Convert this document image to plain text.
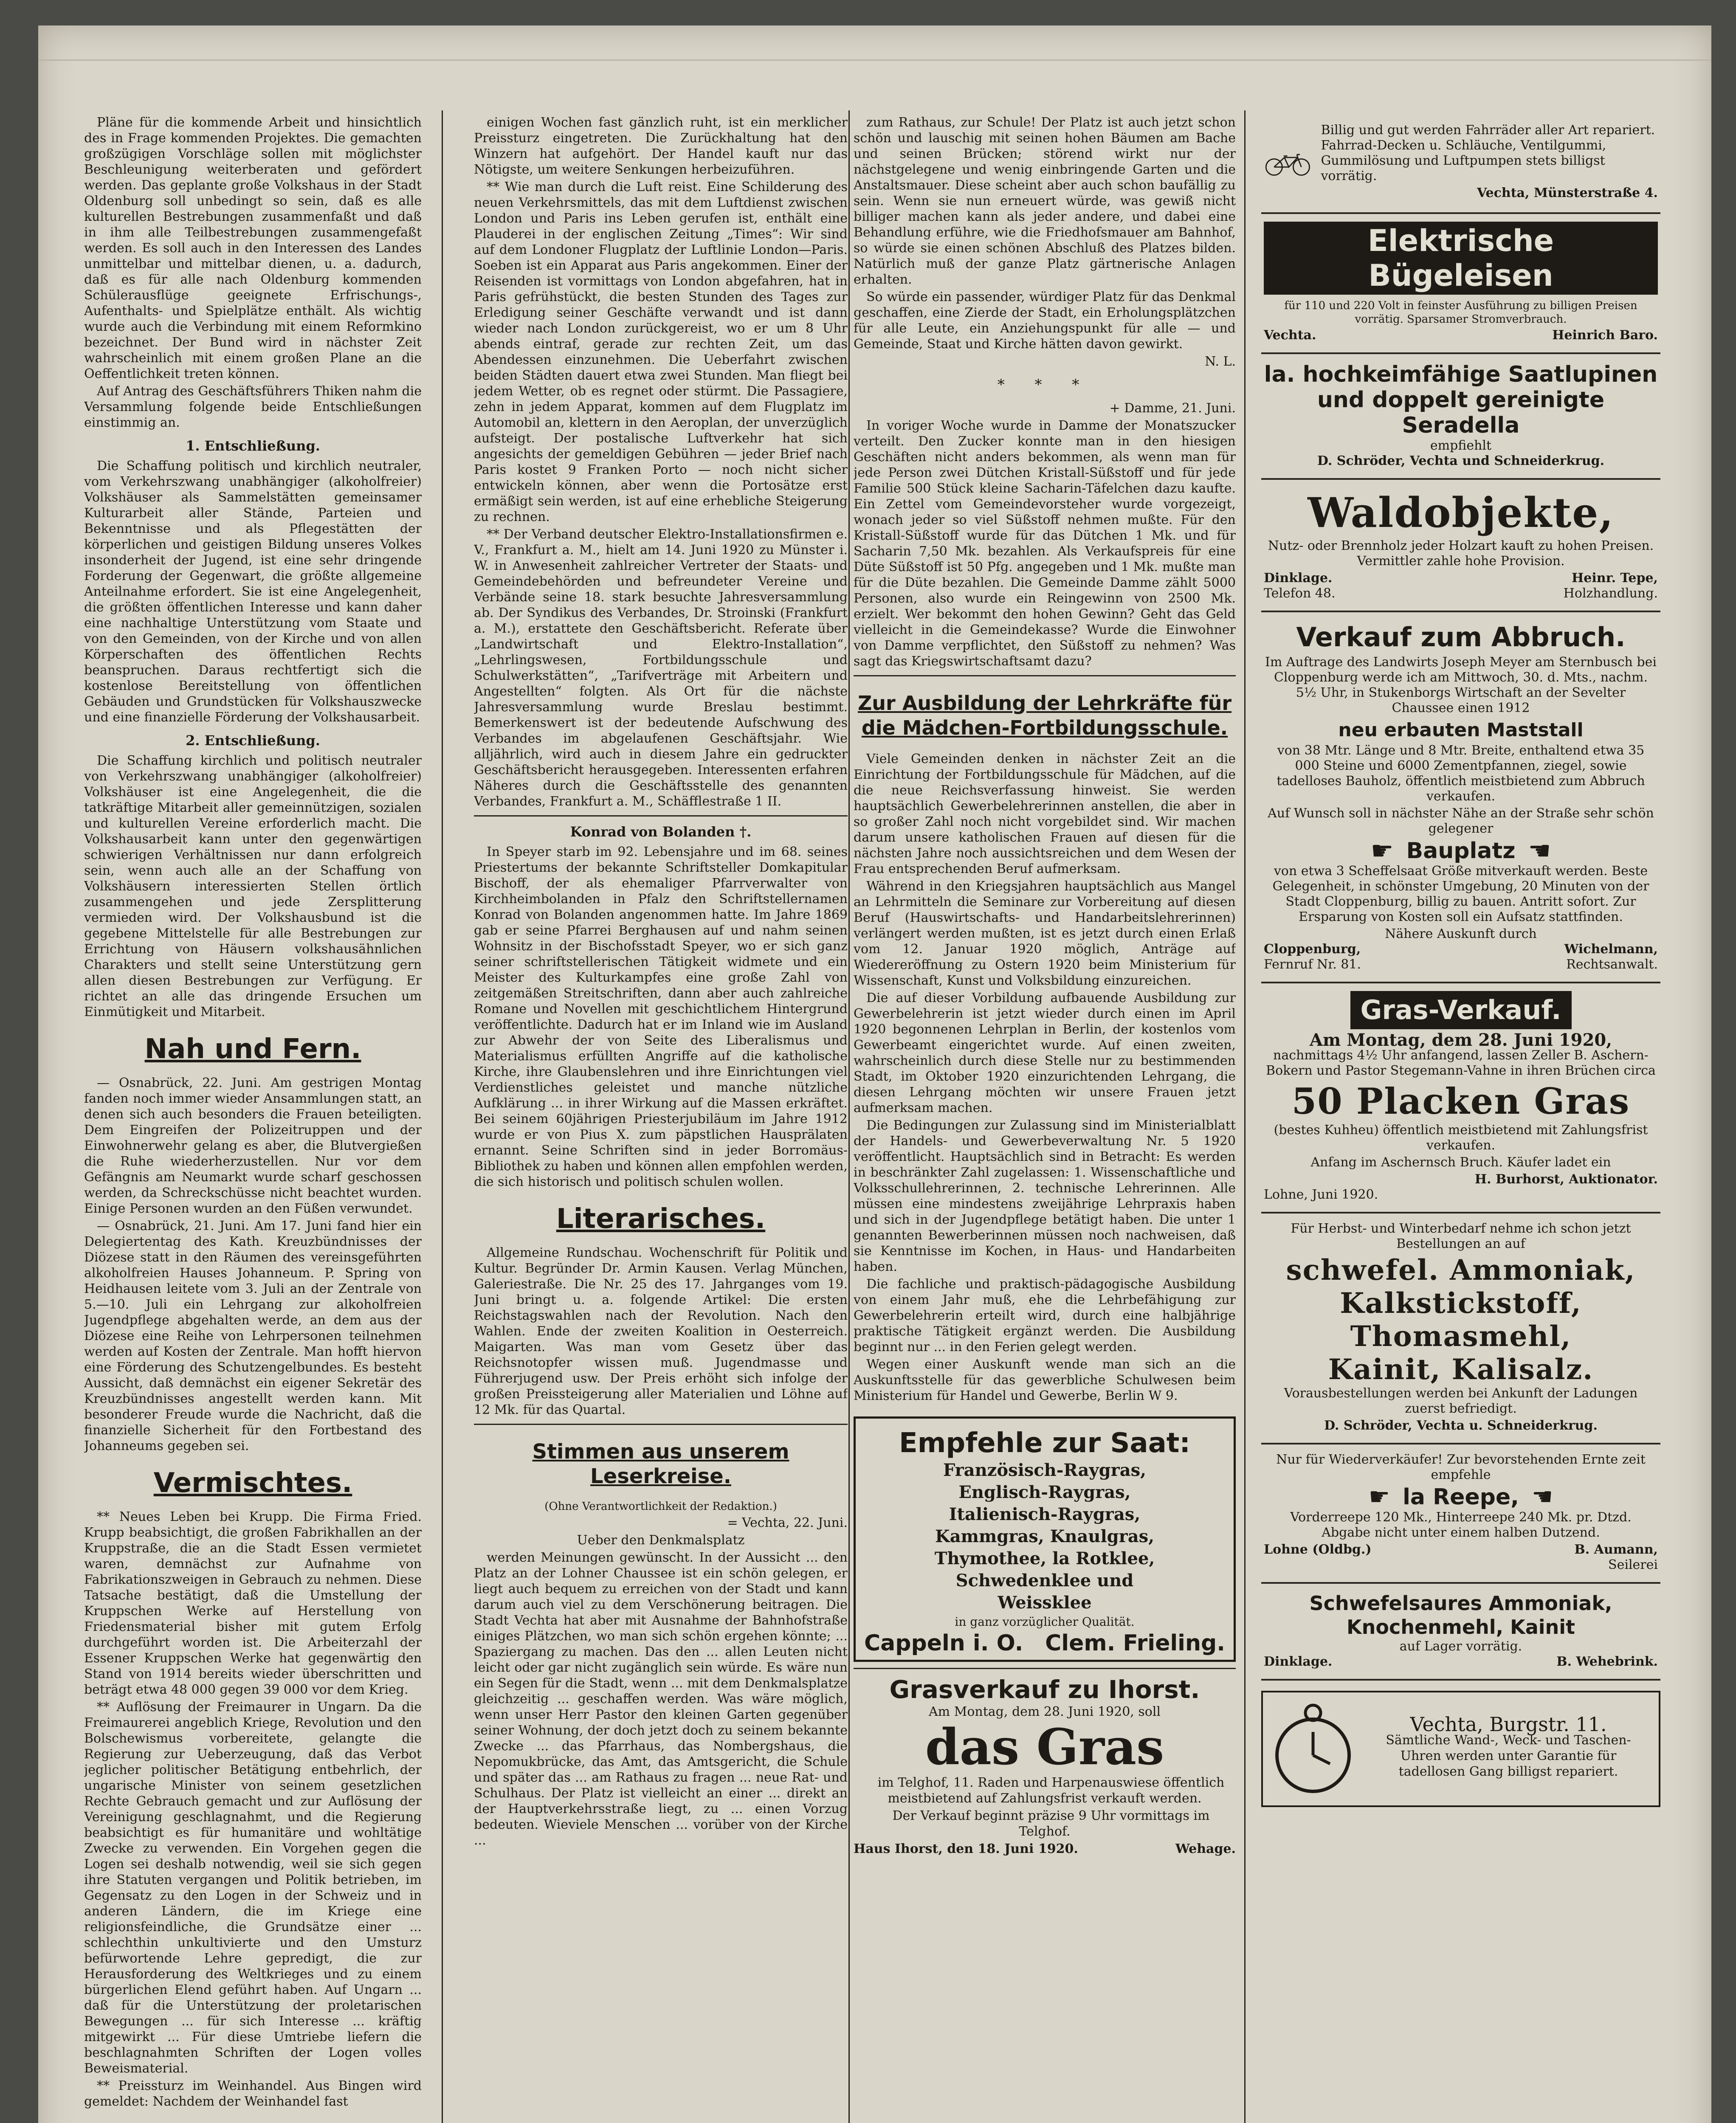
Pläne für die kommende Arbeit und hinsichtlich des in Frage kommenden Projektes. Die gemachten großzügigen Vorschläge sollen mit möglichster Beschleunigung weiterberaten und gefördert werden. Das geplante große Volkshaus in der Stadt Oldenburg soll unbedingt so sein, daß es alle kulturellen Bestrebungen zusammenfaßt und daß in ihm alle Teilbestrebungen zusammengefaßt werden. Es soll auch in den Interessen des Landes unmittelbar und mittelbar dienen, u. a. dadurch, daß es für alle nach Oldenburg kommenden Schülerausflüge geeignete Erfrischungs-, Aufenthalts- und Spielplätze enthält. Als wichtig wurde auch die Verbindung mit einem Reformkino bezeichnet. Der Bund wird in nächster Zeit wahrscheinlich mit einem großen Plane an die Oeffentlichkeit treten können.

Auf Antrag des Geschäftsführers Thiken nahm die Versammlung folgende beide Entschließungen einstimmig an.

1. Entschließung.

Die Schaffung politisch und kirchlich neutraler, vom Verkehrszwang unabhängiger (alkoholfreier) Volkshäuser als Sammelstätten gemeinsamer Kulturarbeit aller Stände, Parteien und Bekenntnisse und als Pflegestätten der körperlichen und geistigen Bildung unseres Volkes insonderheit der Jugend, ist eine sehr dringende Forderung der Gegenwart, die größte allgemeine Anteilnahme erfordert. Sie ist eine Angelegenheit, die größten öffentlichen Interesse und kann daher eine nachhaltige Unterstützung vom Staate und von den Gemeinden, von der Kirche und von allen Körperschaften des öffentlichen Rechts beanspruchen. Daraus rechtfertigt sich die kostenlose Bereitstellung von öffentlichen Gebäuden und Grundstücken für Volkshauszwecke und eine finanzielle Förderung der Volkshausarbeit.

2. Entschließung.

Die Schaffung kirchlich und politisch neutraler von Verkehrszwang unabhängiger (alkoholfreier) Volkshäuser ist eine Angelegenheit, die die tatkräftige Mitarbeit aller gemeinnützigen, sozialen und kulturellen Vereine erforderlich macht. Die Volkshausarbeit kann unter den gegenwärtigen schwierigen Verhältnissen nur dann erfolgreich sein, wenn auch alle an der Schaffung von Volkshäusern interessierten Stellen örtlich zusammengehen und jede Zersplitterung vermieden wird. Der Volkshausbund ist die gegebene Mittelstelle für alle Bestrebungen zur Errichtung von Häusern volkshausähnlichen Charakters und stellt seine Unterstützung gern allen diesen Bestrebungen zur Verfügung. Er richtet an alle das dringende Ersuchen um Einmütigkeit und Mitarbeit.

Nah und Fern.

— Osnabrück, 22. Juni. Am gestrigen Montag fanden noch immer wieder Ansammlungen statt, an denen sich auch besonders die Frauen beteiligten. Dem Eingreifen der Polizeitruppen und der Einwohnerwehr gelang es aber, die Blutvergießen die Ruhe wiederherzustellen. Nur vor dem Gefängnis am Neumarkt wurde scharf geschossen werden, da Schreckschüsse nicht beachtet wurden. Einige Personen wurden an den Füßen verwundet.

— Osnabrück, 21. Juni. Am 17. Juni fand hier ein Delegiertentag des Kath. Kreuzbündnisses der Diözese statt in den Räumen des vereinsgeführten alkoholfreien Hauses Johanneum. P. Spring von Heidhausen leitete vom 3. Juli an der Zentrale von 5.—10. Juli ein Lehrgang zur alkoholfreien Jugendpflege abgehalten werde, an dem aus der Diözese eine Reihe von Lehrpersonen teilnehmen werden auf Kosten der Zentrale. Man hofft hiervon eine Förderung des Schutzengelbundes. Es besteht Aussicht, daß demnächst ein eigener Sekretär des Kreuzbündnisses angestellt werden kann. Mit besonderer Freude wurde die Nachricht, daß die finanzielle Sicherheit für den Fortbestand des Johanneums gegeben sei.

Vermischtes.

** Neues Leben bei Krupp. Die Firma Fried. Krupp beabsichtigt, die großen Fabrikhallen an der Kruppstraße, die an die Stadt Essen vermietet waren, demnächst zur Aufnahme von Fabrikationszweigen in Gebrauch zu nehmen. Diese Tatsache bestätigt, daß die Umstellung der Kruppschen Werke auf Herstellung von Friedensmaterial bisher mit gutem Erfolg durchgeführt worden ist. Die Arbeiterzahl der Essener Kruppschen Werke hat gegenwärtig den Stand von 1914 bereits wieder überschritten und beträgt etwa 48 000 gegen 39 000 vor dem Krieg.

** Auflösung der Freimaurer in Ungarn. Da die Freimaurerei angeblich Kriege, Revolution und den Bolschewismus vorbereitete, gelangte die Regierung zur Ueberzeugung, daß das Verbot jeglicher politischer Betätigung entbehrlich, der ungarische Minister von seinem gesetzlichen Rechte Gebrauch gemacht und zur Auflösung der Vereinigung geschlagnahmt, und die Regierung beabsichtigt es für humanitäre und wohltätige Zwecke zu verwenden. Ein Vorgehen gegen die Logen sei deshalb notwendig, weil sie sich gegen ihre Statuten vergangen und Politik betrieben, im Gegensatz zu den Logen in der Schweiz und in anderen Ländern, die im Kriege eine religionsfeindliche, die Grundsätze einer ... schlechthin unkultivierte und den Umsturz befürwortende Lehre gepredigt, die zur Herausforderung des Weltkrieges und zu einem bürgerlichen Elend geführt haben. Auf Ungarn ... daß für die Unterstützung der proletarischen Bewegungen ... für sich Interesse ... kräftig mitgewirkt ... Für diese Umtriebe liefern die beschlagnahmten Schriften der Logen volles Beweismaterial.

** Preissturz im Weinhandel. Aus Bingen wird gemeldet: Nachdem der Weinhandel fast

einigen Wochen fast gänzlich ruht, ist ein merklicher Preissturz eingetreten. Die Zurückhaltung hat den Winzern hat aufgehört. Der Handel kauft nur das Nötigste, um weitere Senkungen herbeizuführen.

** Wie man durch die Luft reist. Eine Schilderung des neuen Verkehrsmittels, das mit dem Luftdienst zwischen London und Paris ins Leben gerufen ist, enthält eine Plauderei in der englischen Zeitung „Times“: Wir sind auf dem Londoner Flugplatz der Luftlinie London—Paris. Soeben ist ein Apparat aus Paris angekommen. Einer der Reisenden ist vormittags von London abgefahren, hat in Paris gefrühstückt, die besten Stunden des Tages zur Erledigung seiner Geschäfte verwandt und ist dann wieder nach London zurückgereist, wo er um 8 Uhr abends eintraf, gerade zur rechten Zeit, um das Abendessen einzunehmen. Die Ueberfahrt zwischen beiden Städten dauert etwa zwei Stunden. Man fliegt bei jedem Wetter, ob es regnet oder stürmt. Die Passagiere, zehn in jedem Apparat, kommen auf dem Flugplatz im Automobil an, klettern in den Aeroplan, der unverzüglich aufsteigt. Der postalische Luftverkehr hat sich angesichts der gemeldigen Gebühren — jeder Brief nach Paris kostet 9 Franken Porto — noch nicht sicher entwickeln können, aber wenn die Portosätze erst ermäßigt sein werden, ist auf eine erhebliche Steigerung zu rechnen.

** Der Verband deutscher Elektro-Installationsfirmen e. V., Frankfurt a. M., hielt am 14. Juni 1920 zu Münster i. W. in Anwesenheit zahlreicher Vertreter der Staats- und Gemeindebehörden und befreundeter Vereine und Verbände seine 18. stark besuchte Jahresversammlung ab. Der Syndikus des Verbandes, Dr. Stroinski (Frankfurt a. M.), erstattete den Geschäftsbericht. Referate über „Landwirtschaft und Elektro-Installation“, „Lehrlingswesen, Fortbildungsschule und Schulwerkstätten“, „Tarifverträge mit Arbeitern und Angestellten“ folgten. Als Ort für die nächste Jahresversammlung wurde Breslau bestimmt. Bemerkenswert ist der bedeutende Aufschwung des Verbandes im abgelaufenen Geschäftsjahr. Wie alljährlich, wird auch in diesem Jahre ein gedruckter Geschäftsbericht herausgegeben. Interessenten erfahren Näheres durch die Geschäftsstelle des genannten Verbandes, Frankfurt a. M., Schäfflestraße 1 II.

Konrad von Bolanden †.

In Speyer starb im 92. Lebensjahre und im 68. seines Priestertums der bekannte Schriftsteller Domkapitular Bischoff, der als ehemaliger Pfarrverwalter von Kirchheimbolanden in Pfalz den Schriftstellernamen Konrad von Bolanden angenommen hatte. Im Jahre 1869 gab er seine Pfarrei Berghausen auf und nahm seinen Wohnsitz in der Bischofsstadt Speyer, wo er sich ganz seiner schriftstellerischen Tätigkeit widmete und ein Meister des Kulturkampfes eine große Zahl von zeitgemäßen Streitschriften, dann aber auch zahlreiche Romane und Novellen mit geschichtlichem Hintergrund veröffentlichte. Dadurch hat er im Inland wie im Ausland zur Abwehr der von Seite des Liberalismus und Materialismus erfüllten Angriffe auf die katholische Kirche, ihre Glaubenslehren und ihre Einrichtungen viel Verdienstliches geleistet und manche nützliche Aufklärung ... in ihrer Wirkung auf die Massen erkräftet. Bei seinem 60jährigen Priesterjubiläum im Jahre 1912 wurde er von Pius X. zum päpstlichen Hausprälaten ernannt. Seine Schriften sind in jeder Borromäus-Bibliothek zu haben und können allen empfohlen werden, die sich historisch und politisch schulen wollen.

Literarisches.

Allgemeine Rundschau. Wochenschrift für Politik und Kultur. Begründer Dr. Armin Kausen. Verlag München, Galeriestraße. Die Nr. 25 des 17. Jahrganges vom 19. Juni bringt u. a. folgende Artikel: Die ersten Reichstagswahlen nach der Revolution. Nach den Wahlen. Ende der zweiten Koalition in Oesterreich. Maigarten. Was man vom Gesetz über das Reichsnotopfer wissen muß. Jugendmasse und Führerjugend usw. Der Preis erhöht sich infolge der großen Preissteigerung aller Materialien und Löhne auf 12 Mk. für das Quartal.

Stimmen aus unserem Leserkreise.

(Ohne Verantwortlichkeit der Redaktion.)

= Vechta, 22. Juni.

Ueber den Denkmalsplatz

werden Meinungen gewünscht. In der Aussicht ... den Platz an der Lohner Chaussee ist ein schön gelegen, er liegt auch bequem zu erreichen von der Stadt und kann darum auch viel zu dem Verschönerung beitragen. Die Stadt Vechta hat aber mit Ausnahme der Bahnhofstraße einiges Plätzchen, wo man sich schön ergehen könnte; ... Spaziergang zu machen. Das den ... allen Leuten nicht leicht oder gar nicht zugänglich sein würde. Es wäre nun ein Segen für die Stadt, wenn ... mit dem Denkmalsplatze gleichzeitig ... geschaffen werden. Was wäre möglich, wenn unser Herr Pastor den kleinen Garten gegenüber seiner Wohnung, der doch jetzt doch zu seinem bekannte Zwecke ... das Pfarrhaus, das Nombergshaus, die Nepomukbrücke, das Amt, das Amtsgericht, die Schule und später das ... am Rathaus zu fragen ... neue Rat- und Schulhaus. Der Platz ist vielleicht an einer ... direkt an der Hauptverkehrsstraße liegt, zu ... einen Vorzug bedeuten. Wieviele Menschen ... vorüber von der Kirche ...

zum Rathaus, zur Schule! Der Platz ist auch jetzt schon schön und lauschig mit seinen hohen Bäumen am Bache und seinen Brücken; störend wirkt nur der nächstgelegene und wenig einbringende Garten und die Anstaltsmauer. Diese scheint aber auch schon baufällig zu sein. Wenn sie nun erneuert würde, was gewiß nicht billiger machen kann als jeder andere, und dabei eine Behandlung erführe, wie die Friedhofsmauer am Bahnhof, so würde sie einen schönen Abschluß des Platzes bilden. Natürlich muß der ganze Platz gärtnerische Anlagen erhalten.

So würde ein passender, würdiger Platz für das Denkmal geschaffen, eine Zierde der Stadt, ein Erholungsplätzchen für alle Leute, ein Anziehungspunkt für alle — und Gemeinde, Staat und Kirche hätten davon gewirkt.

N. L.

* * *

+ Damme, 21. Juni.

In voriger Woche wurde in Damme der Monatszucker verteilt. Den Zucker konnte man in den hiesigen Geschäften nicht anders bekommen, als wenn man für jede Person zwei Dütchen Kristall-Süßstoff und für jede Familie 500 Stück kleine Sacharin-Täfelchen dazu kaufte. Ein Zettel vom Gemeindevorsteher wurde vorgezeigt, wonach jeder so viel Süßstoff nehmen mußte. Für den Kristall-Süßstoff wurde für das Dütchen 1 Mk. und für Sacharin 7,50 Mk. bezahlen. Als Verkaufspreis für eine Düte Süßstoff ist 50 Pfg. angegeben und 1 Mk. mußte man für die Düte bezahlen. Die Gemeinde Damme zählt 5000 Personen, also wurde ein Reingewinn von 2500 Mk. erzielt. Wer bekommt den hohen Gewinn? Geht das Geld vielleicht in die Gemeindekasse? Wurde die Einwohner von Damme verpflichtet, den Süßstoff zu nehmen? Was sagt das Kriegswirtschaftsamt dazu?

Zur Ausbildung der Lehrkräfte für die Mädchen-Fortbildungsschule.

Viele Gemeinden denken in nächster Zeit an die Einrichtung der Fortbildungsschule für Mädchen, auf die die neue Reichsverfassung hinweist. Sie werden hauptsächlich Gewerbelehrerinnen anstellen, die aber in so großer Zahl noch nicht vorgebildet sind. Wir machen darum unsere katholischen Frauen auf diesen für die nächsten Jahre noch aussichtsreichen und dem Wesen der Frau entsprechenden Beruf aufmerksam.

Während in den Kriegsjahren hauptsächlich aus Mangel an Lehrmitteln die Seminare zur Vorbereitung auf diesen Beruf (Hauswirtschafts- und Handarbeitslehrerinnen) verlängert werden mußten, ist es jetzt durch einen Erlaß vom 12. Januar 1920 möglich, Anträge auf Wiedereröffnung zu Ostern 1920 beim Ministerium für Wissenschaft, Kunst und Volksbildung einzureichen.

Die auf dieser Vorbildung aufbauende Ausbildung zur Gewerbelehrerin ist jetzt wieder durch einen im April 1920 begonnenen Lehrplan in Berlin, der kostenlos vom Gewerbeamt eingerichtet wurde. Auf einen zweiten, wahrscheinlich durch diese Stelle nur zu bestimmenden Stadt, im Oktober 1920 einzurichtenden Lehrgang, die diesen Lehrgang möchten wir unsere Frauen jetzt aufmerksam machen.

Die Bedingungen zur Zulassung sind im Ministerialblatt der Handels- und Gewerbeverwaltung Nr. 5 1920 veröffentlicht. Hauptsächlich sind in Betracht: Es werden in beschränkter Zahl zugelassen: 1. Wissenschaftliche und Volksschullehrerinnen, 2. technische Lehrerinnen. Alle müssen eine mindestens zweijährige Lehrpraxis haben und sich in der Jugendpflege betätigt haben. Die unter 1 genannten Bewerberinnen müssen noch nachweisen, daß sie Kenntnisse im Kochen, in Haus- und Handarbeiten haben.

Die fachliche und praktisch-pädagogische Ausbildung von einem Jahr muß, ehe die Lehrbefähigung zur Gewerbelehrerin erteilt wird, durch eine halbjährige praktische Tätigkeit ergänzt werden. Die Ausbildung beginnt nur ... in den Ferien gelegt werden.

Wegen einer Auskunft wende man sich an die Auskunftsstelle für das gewerbliche Schulwesen beim Ministerium für Handel und Gewerbe, Berlin W 9.

Empfehle zur Saat:
Französisch-Raygras,
Englisch-Raygras,
Italienisch-Raygras,
Kammgras, Knaulgras,
Thymothee, la Rotklee,
Schwedenklee und
Weissklee
in ganz vorzüglicher Qualität.
Cappeln i. O. Clem. Frieling.
Grasverkauf zu Ihorst.
Am Montag, dem 28. Juni 1920, soll
das Gras

im Telghof, 11. Raden und Harpenauswiese öffentlich meistbietend auf Zahlungsfrist verkauft werden.

Der Verkauf beginnt präzise 9 Uhr vormittags im Telghof.

Haus Ihorst, den 18. Juni 1920.	Wehage.

Billig und gut werden Fahrräder aller Art repariert. Fahrrad-Decken u. Schläuche, Ventilgummi, Gummilösung und Luftpumpen stets billigst vorrätig.

Vechta, Münsterstraße 4.

Elektrische Bügeleisen

für 110 und 220 Volt in feinster Ausführung zu billigen Preisen vorrätig. Sparsamer Stromverbrauch.

Vechta.	Heinrich Baro.
la. hochkeimfähige Saatlupinen und doppelt gereinigte Seradella
empfiehlt
D. Schröder, Vechta und Schneiderkrug.
Waldobjekte,

Nutz- oder Brennholz jeder Holzart kauft zu hohen Preisen. Vermittler zahle hohe Provision.

Dinklage.	Heinr. Tepe,
Telefon 48.	Holzhandlung.
Verkauf zum Abbruch.

Im Auftrage des Landwirts Joseph Meyer am Sternbusch bei Cloppenburg werde ich am Mittwoch, 30. d. Mts., nachm. 5½ Uhr, in Stukenborgs Wirtschaft an der Sevelter Chaussee einen 1912

neu erbauten Maststall

von 38 Mtr. Länge und 8 Mtr. Breite, enthaltend etwa 35 000 Steine und 6000 Zementpfannen, ziegel, sowie tadelloses Bauholz, öffentlich meistbietend zum Abbruch verkaufen.

Auf Wunsch soll in nächster Nähe an der Straße sehr schön gelegener

☛ Bauplatz ☚

von etwa 3 Scheffelsaat Größe mitverkauft werden. Beste Gelegenheit, in schönster Umgebung, 20 Minuten von der Stadt Cloppenburg, billig zu bauen. Antritt sofort. Zur Ersparung von Kosten soll ein Aufsatz stattfinden.

Nähere Auskunft durch
Cloppenburg,	Wichelmann,
Fernruf Nr. 81.	Rechtsanwalt.
Gras-Verkauf.
Am Montag, dem 28. Juni 1920,

nachmittags 4½ Uhr anfangend, lassen Zeller B. Aschern-Bokern und Pastor Stegemann-Vahne in ihren Brüchen circa

50 Placken Gras

(bestes Kuhheu) öffentlich meistbietend mit Zahlungsfrist verkaufen.

Anfang im Aschernsch Bruch. Käufer ladet ein

H. Burhorst, Auktionator.
Lohne, Juni 1920.

Für Herbst- und Winterbedarf nehme ich schon jetzt Bestellungen an auf

schwefel. Ammoniak,
Kalkstickstoff,
Thomasmehl,
Kainit, Kalisalz.

Vorausbestellungen werden bei Ankunft der Ladungen zuerst befriedigt.

D. Schröder, Vechta u. Schneiderkrug.

Nur für Wiederverkäufer! Zur bevorstehenden Ernte zeit empfehle

☛ la Reepe, ☚

Vorderreepe 120 Mk., Hinterreepe 240 Mk. pr. Dtzd. Abgabe nicht unter einem halben Dutzend.

Lohne (Oldbg.)	B. Aumann,
Seilerei
Schwefelsaures Ammoniak, Knochenmehl, Kainit
auf Lager vorrätig.
Dinklage.	B. Wehebrink.
Vechta, Burgstr. 11.

Sämtliche Wand-, Weck- und Taschen-Uhren werden unter Garantie für tadellosen Gang billigst repariert.
